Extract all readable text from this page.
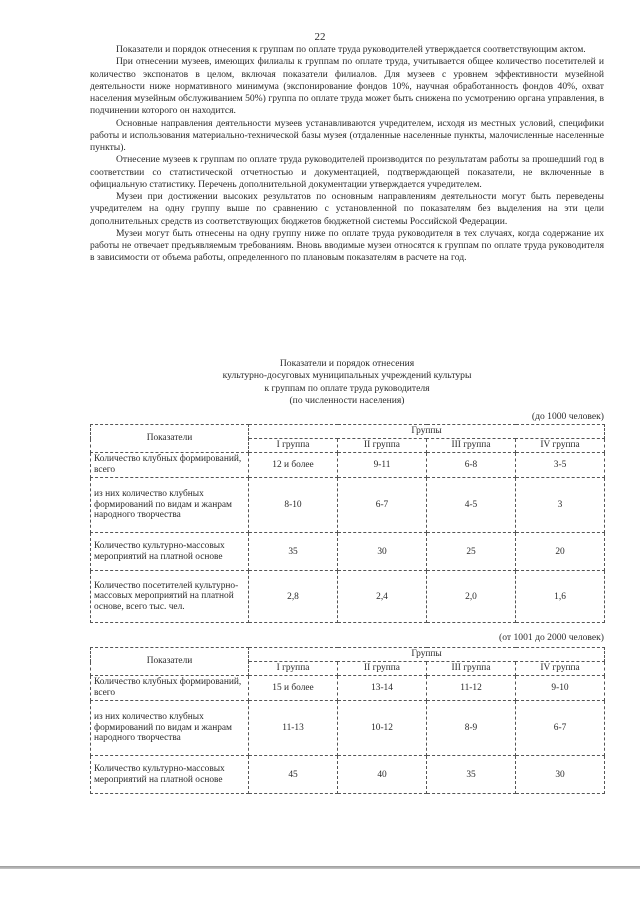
22

Показатели и порядок отнесения к группам по оплате труда руководителей утверждается соответствующим актом.

При отнесении музеев, имеющих филиалы к группам по оплате труда, учитывается общее количество посетителей и количество экспонатов в целом, включая показатели филиалов. Для музеев с уровнем эффективности музейной деятельности ниже нормативного минимума (экспонирование фондов 10%, научная обработанность фондов 40%, охват населения музейным обслуживанием 50%) группа по оплате труда может быть снижена по усмотрению органа управления, в подчинении которого он находится.

Основные направления деятельности музеев устанавливаются учредителем, исходя из местных условий, специфики работы и использования материально-технической базы музея (отдаленные населенные пункты, малочисленные населенные пункты).

Отнесение музеев к группам по оплате труда руководителей производится по результатам работы за прошедший год в соответствии со статистической отчетностью и документацией, подтверждающей показатели, не включенные в официальную статистику. Перечень дополнительной документации утверждается учредителем.

Музеи при достижении высоких результатов по основным направлениям деятельности могут быть переведены учредителем на одну группу выше по сравнению с установленной по показателям без выделения на эти цели дополнительных средств из соответствующих бюджетов бюджетной системы Российской Федерации.

Музеи могут быть отнесены на одну группу ниже по оплате труда руководителя в тех случаях, когда содержание их работы не отвечает предъявляемым требованиям. Вновь вводимые музеи относятся к группам по оплате труда руководителя в зависимости от объема работы, определенного по плановым показателям в расчете на год.

Показатели и порядок отнесения
культурно-досуговых муниципальных учреждений культуры
к группам по оплате труда руководителя
(по численности населения)
(до 1000 человек)
Показатели	Группы			
	I группа	II группа	III группа	IV группа
Количество клубных формирований, всего	12 и более	9-11	6-8	3-5
из них количество клубных формирований по видам и жанрам народного творчества	8-10	6-7	4-5	3
Количество культурно-массовых мероприятий на платной основе	35	30	25	20
Количество посетителей культурно-массовых мероприятий на платной основе, всего тыс. чел.	2,8	2,4	2,0	1,6
(от 1001 до 2000 человек)
Показатели	Группы			
	I группа	II группа	III группа	IV группа
Количество клубных формирований, всего	15 и более	13-14	11-12	9-10
из них количество клубных формирований по видам и жанрам народного творчества	11-13	10-12	8-9	6-7
Количество культурно-массовых мероприятий на платной основе	45	40	35	30
